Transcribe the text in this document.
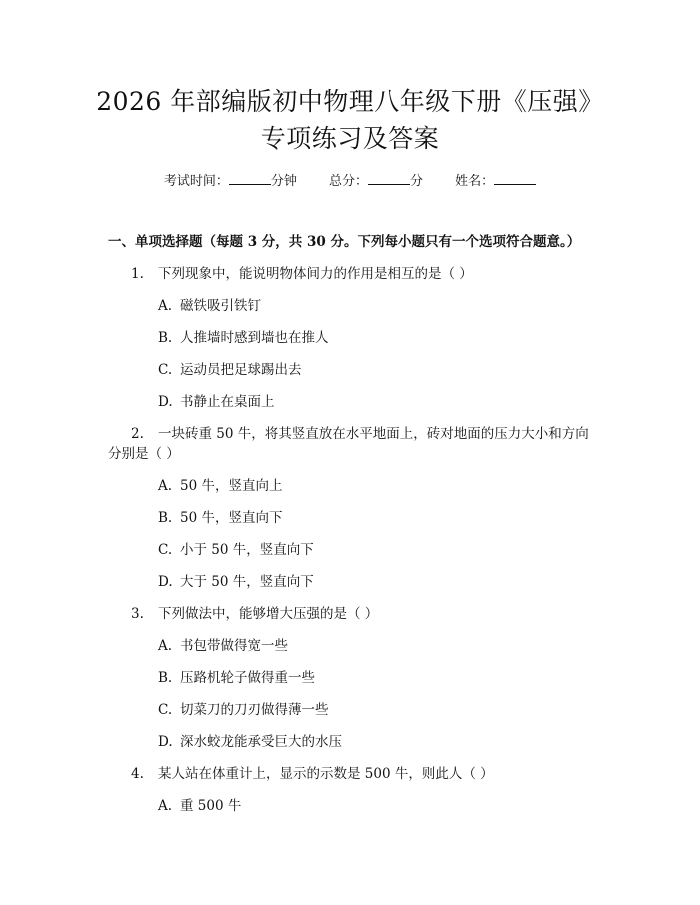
2026 年部编版初中物理八年级下册《压强》
专项练习及答案
考试时间：	分钟 总分：	分 姓名：
一、单项选择题（每题 3 分，共 30 分。下列每小题只有一个选项符合题意。）
1. 下列现象中，能说明物体间力的作用是相互的是（ ）
A. 磁铁吸引铁钉
B. 人推墙时感到墙也在推人
C. 运动员把足球踢出去
D. 书静止在桌面上
2. 一块砖重 50 牛，将其竖直放在水平地面上，砖对地面的压力大小和方向
分别是（ ）
A. 50 牛，竖直向上
B. 50 牛，竖直向下
C. 小于 50 牛，竖直向下
D. 大于 50 牛，竖直向下
3. 下列做法中，能够增大压强的是（ ）
A. 书包带做得宽一些
B. 压路机轮子做得重一些
C. 切菜刀的刀刃做得薄一些
D. 深水蛟龙能承受巨大的水压
4. 某人站在体重计上，显示的示数是 500 牛，则此人（ ）
A. 重 500 牛
